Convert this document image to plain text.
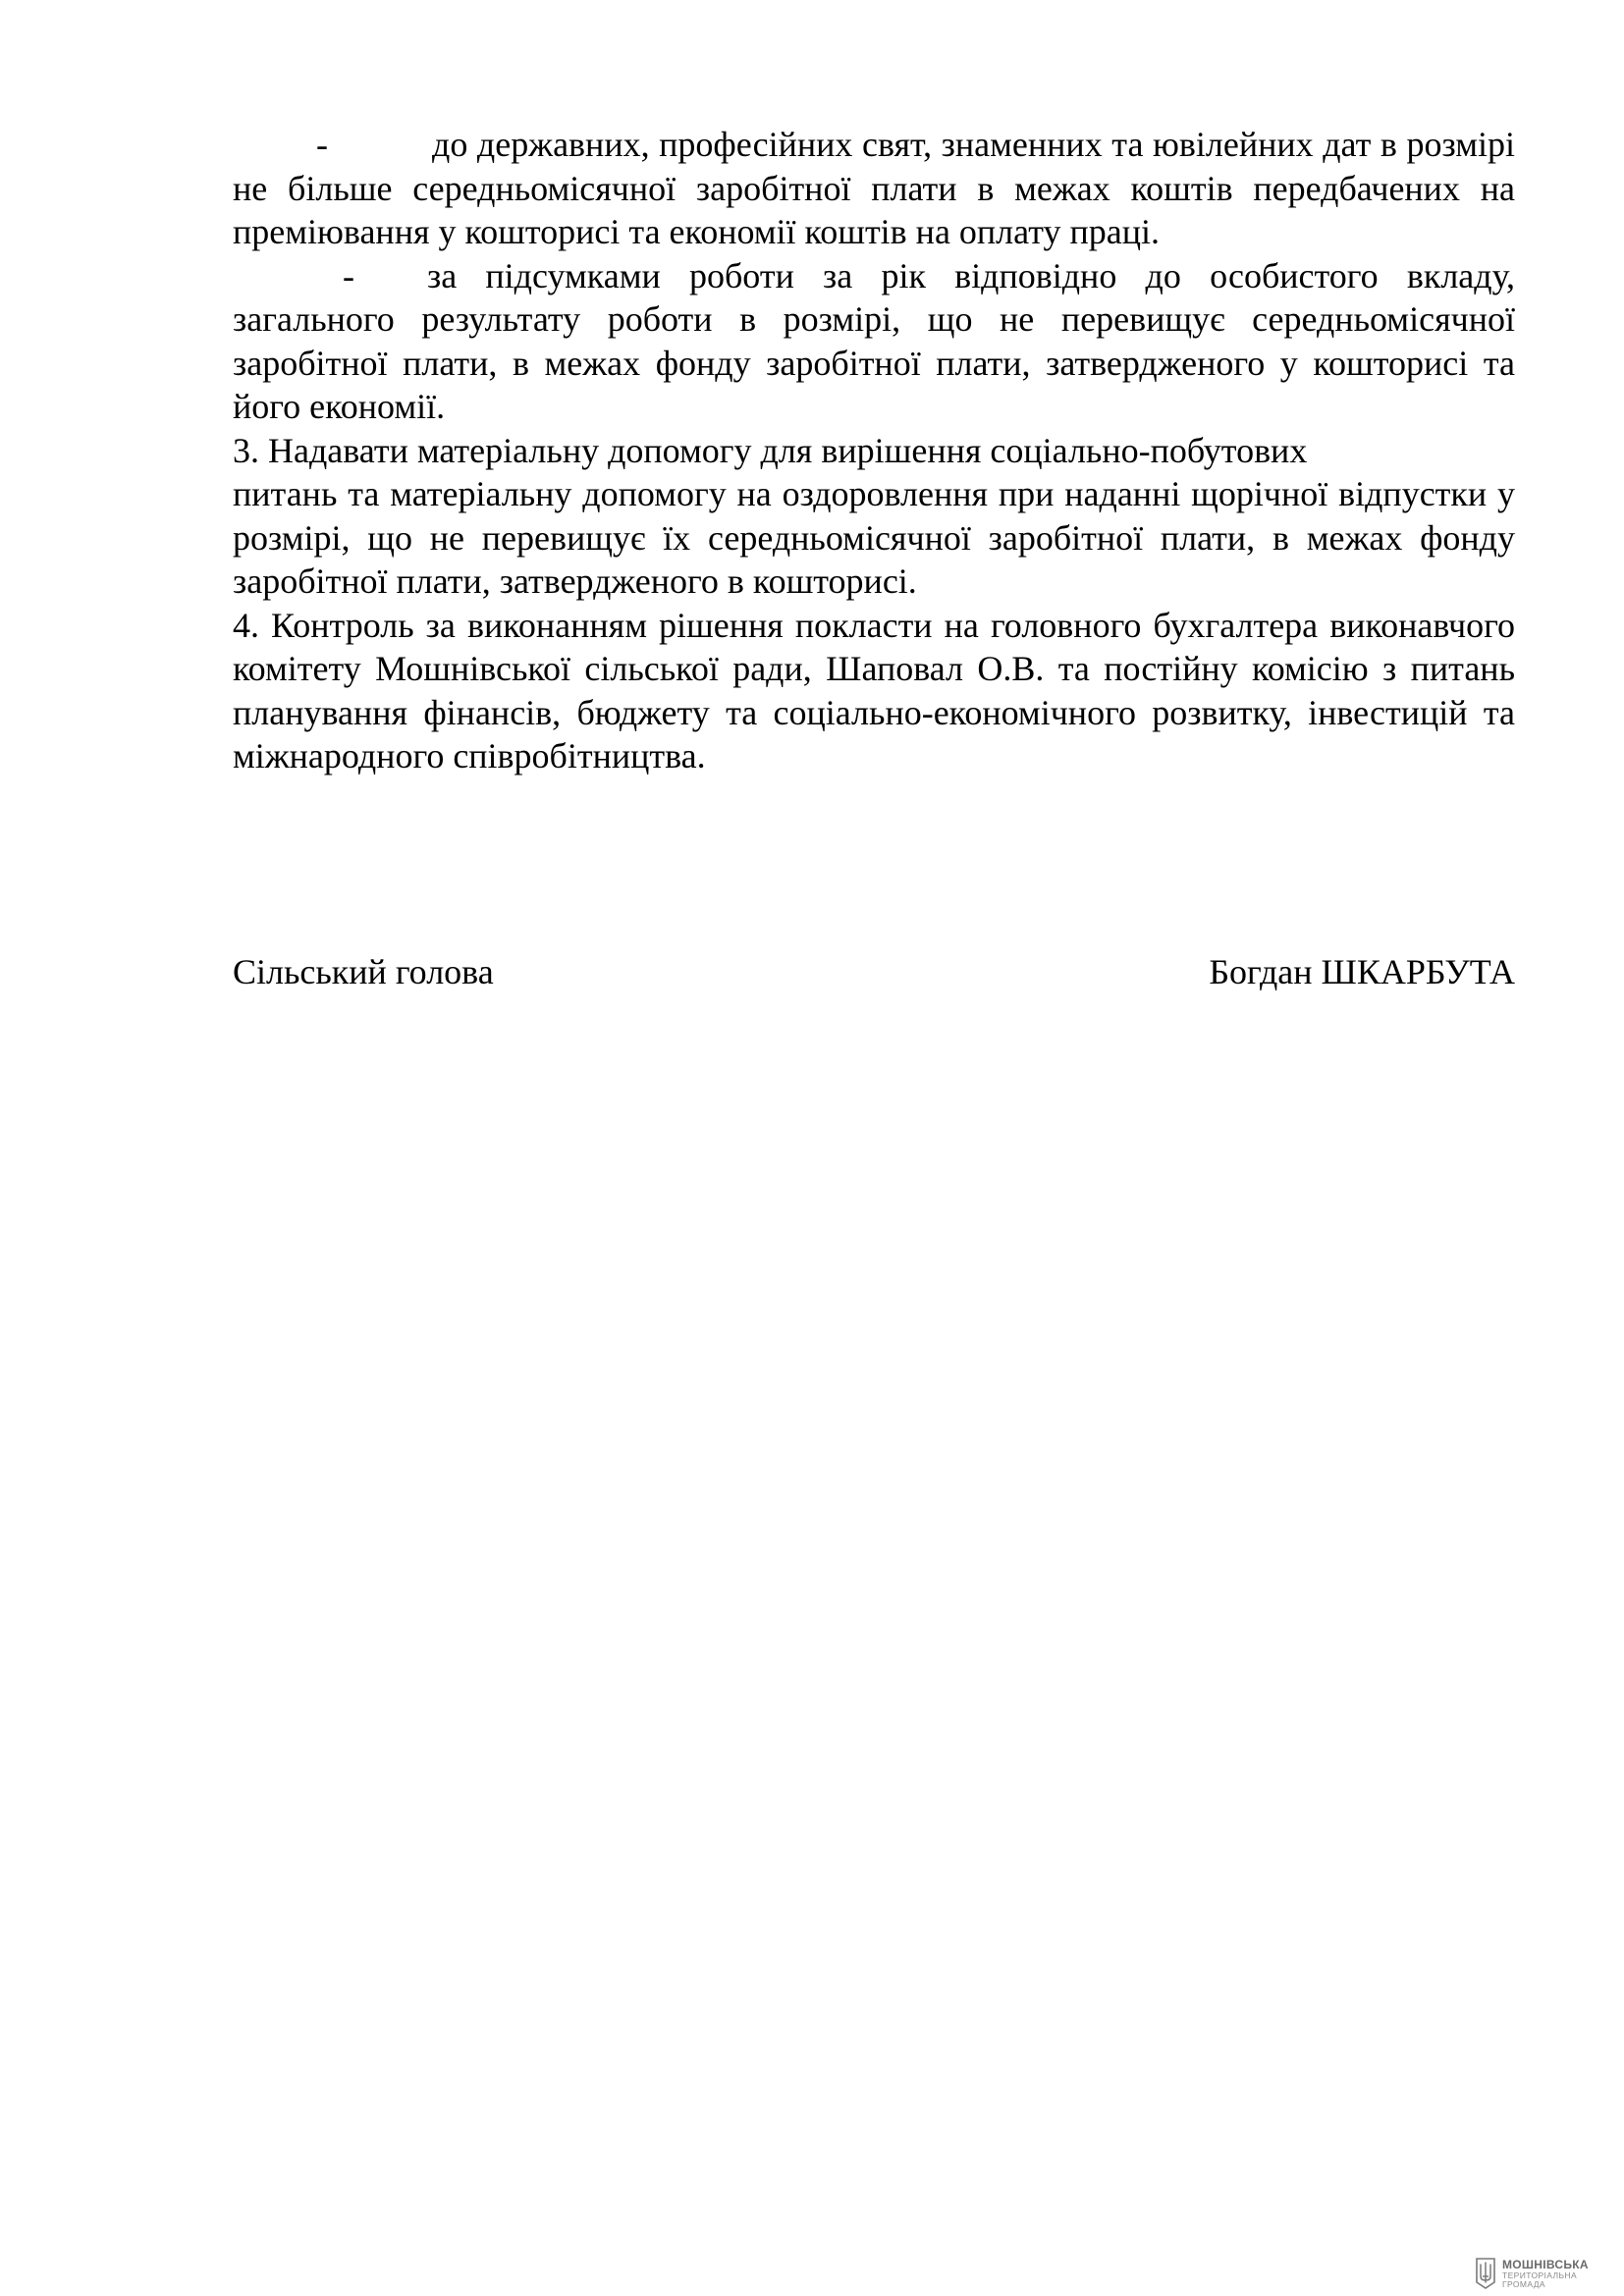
-	до державних, професійних свят, знаменних та ювілейних дат в розмірі не більше середньомісячної заробітної плати в межах коштів передбачених на преміювання у кошторисі та економії коштів на оплату праці.

- за підсумками роботи за рік відповідно до особистого вкладу, загального результату роботи в розмірі, що не перевищує середньомісячної заробітної плати, в межах фонду заробітної плати, затвердженого у кошторисі та його економії.

3. Надавати матеріальну допомогу для вирішення соціально-побутових

питань та матеріальну допомогу на оздоровлення при наданні щорічної відпустки у розмірі, що не перевищує їх середньомісячної заробітної плати, в межах фонду заробітної плати, затвердженого в кошторисі.

4. Контроль за виконанням рішення покласти на головного бухгалтера виконавчого комітету Мошнівської сільської ради, Шаповал О.В. та постійну комісію з питань планування фінансів, бюджету та соціально-економічного розвитку, інвестицій та міжнародного співробітництва.

Сільський голова	Богдан ШКАРБУТА
МОШНІВСЬКА
ТЕРИТОРІАЛЬНА
ГРОМАДА
